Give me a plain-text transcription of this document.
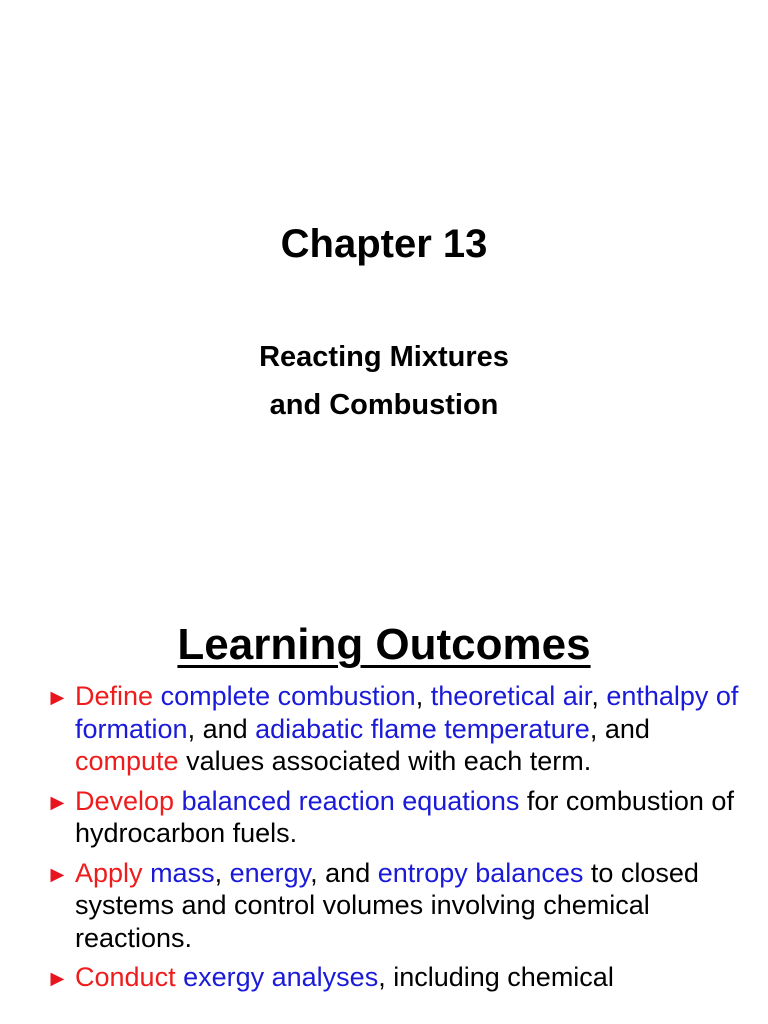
Chapter 13
Reacting Mixtures
and Combustion
Learning Outcomes
► Define complete combustion, theoretical air, enthalpy of formation, and adiabatic flame temperature, and compute values associated with each term.
► Develop balanced reaction equations for combustion of hydrocarbon fuels.
► Apply mass, energy, and entropy balances to closed systems and control volumes involving chemical reactions.
► Conduct exergy analyses, including chemical
